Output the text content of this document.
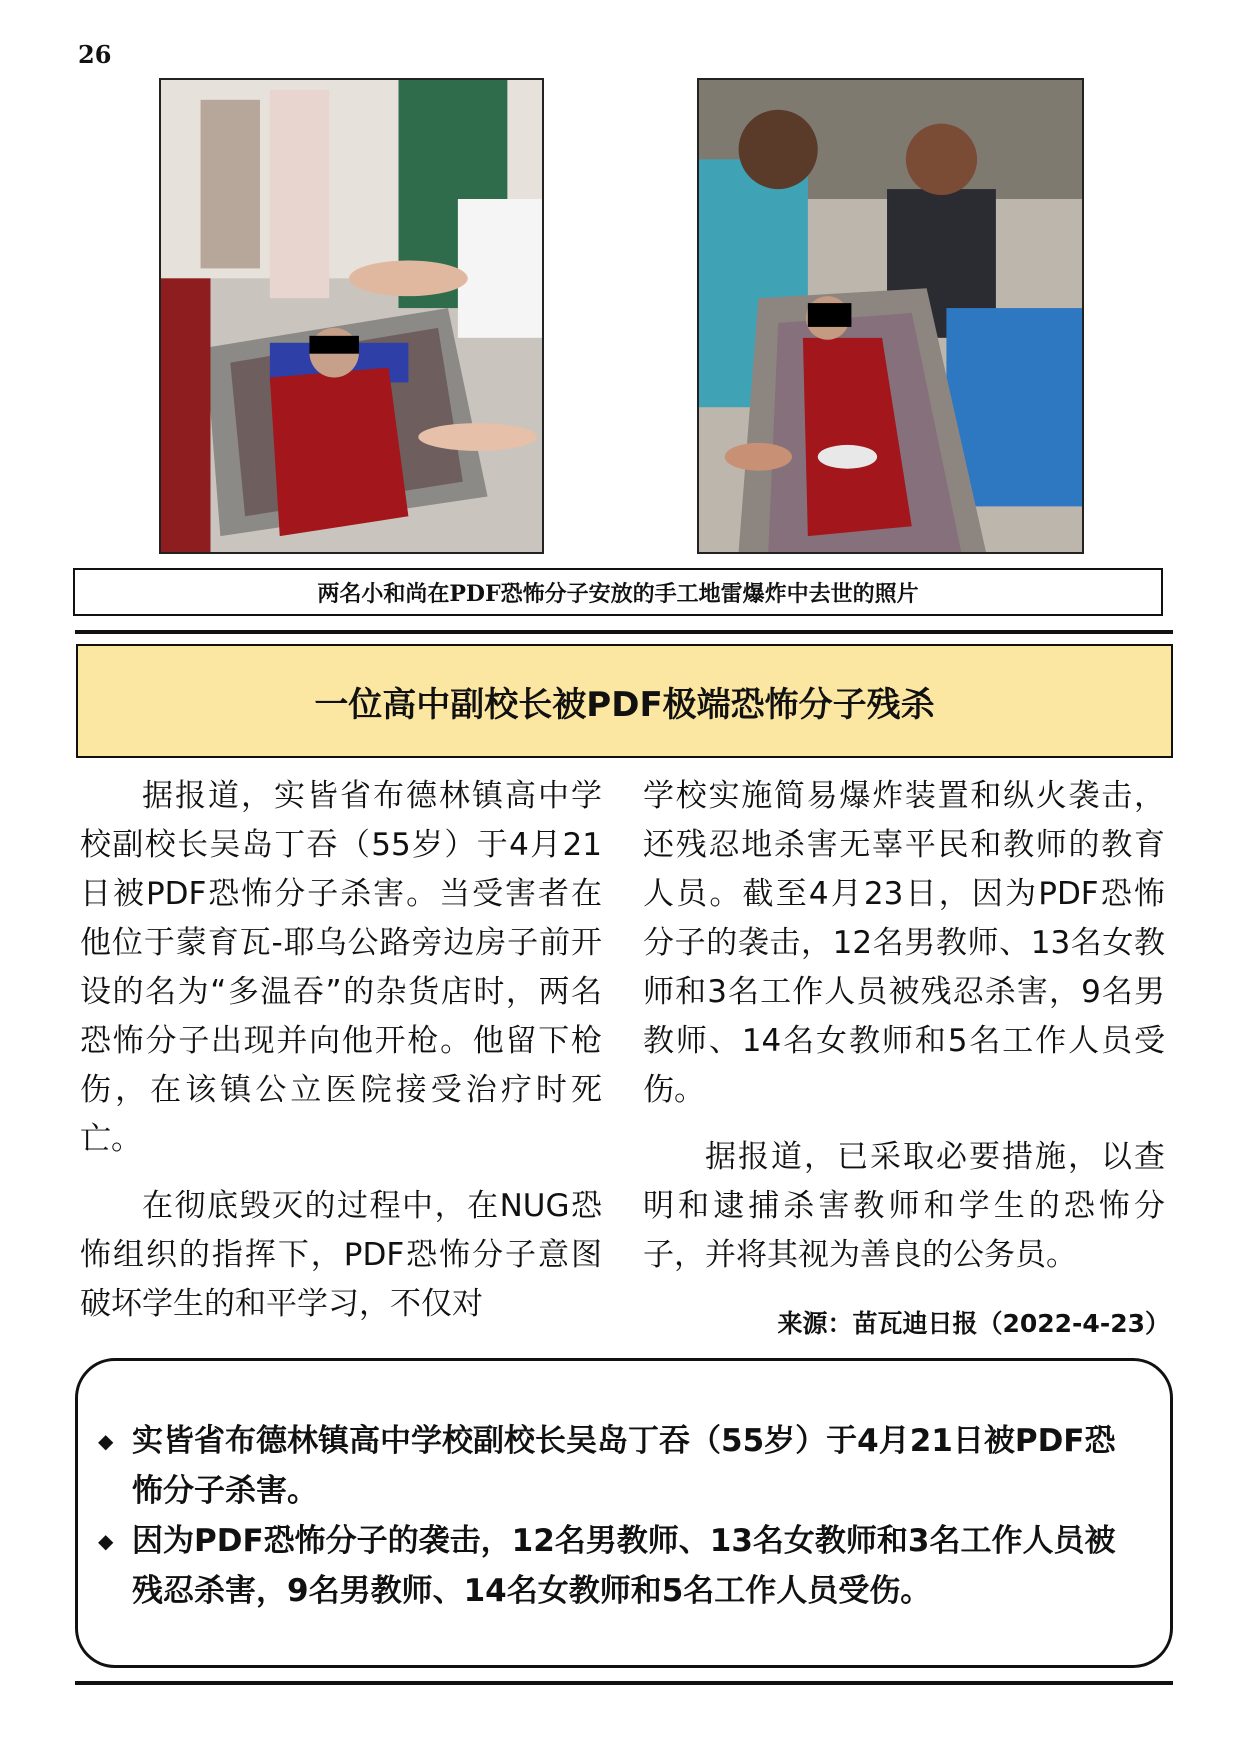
26
两名小和尚在PDF恐怖分子安放的手工地雷爆炸中去世的照片
一位高中副校长被PDF极端恐怖分子残杀

据报道，实皆省布德林镇高中学校副校长吴岛丁吞（55岁）于4月21日被PDF恐怖分子杀害。当受害者在他位于蒙育瓦-耶乌公路旁边房子前开设的名为“多温吞”的杂货店时，两名恐怖分子出现并向他开枪。他留下枪伤，在该镇公立医院接受治疗时死亡。

在彻底毁灭的过程中，在NUG恐怖组织的指挥下，PDF恐怖分子意图破坏学生的和平学习，不仅对

学校实施简易爆炸装置和纵火袭击，还残忍地杀害无辜平民和教师的教育人员。截至4月23日，因为PDF恐怖分子的袭击，12名男教师、13名女教师和3名工作人员被残忍杀害，9名男教师、14名女教师和5名工作人员受伤。

据报道，已采取必要措施，以查明和逮捕杀害教师和学生的恐怖分子，并将其视为善良的公务员。

来源：苗瓦迪日报（2022-4-23）
◆ 实皆省布德林镇高中学校副校长吴岛丁吞（55岁）于4月21日被PDF恐怖分子杀害。
◆ 因为PDF恐怖分子的袭击，12名男教师、13名女教师和3名工作人员被残忍杀害，9名男教师、14名女教师和5名工作人员受伤。
